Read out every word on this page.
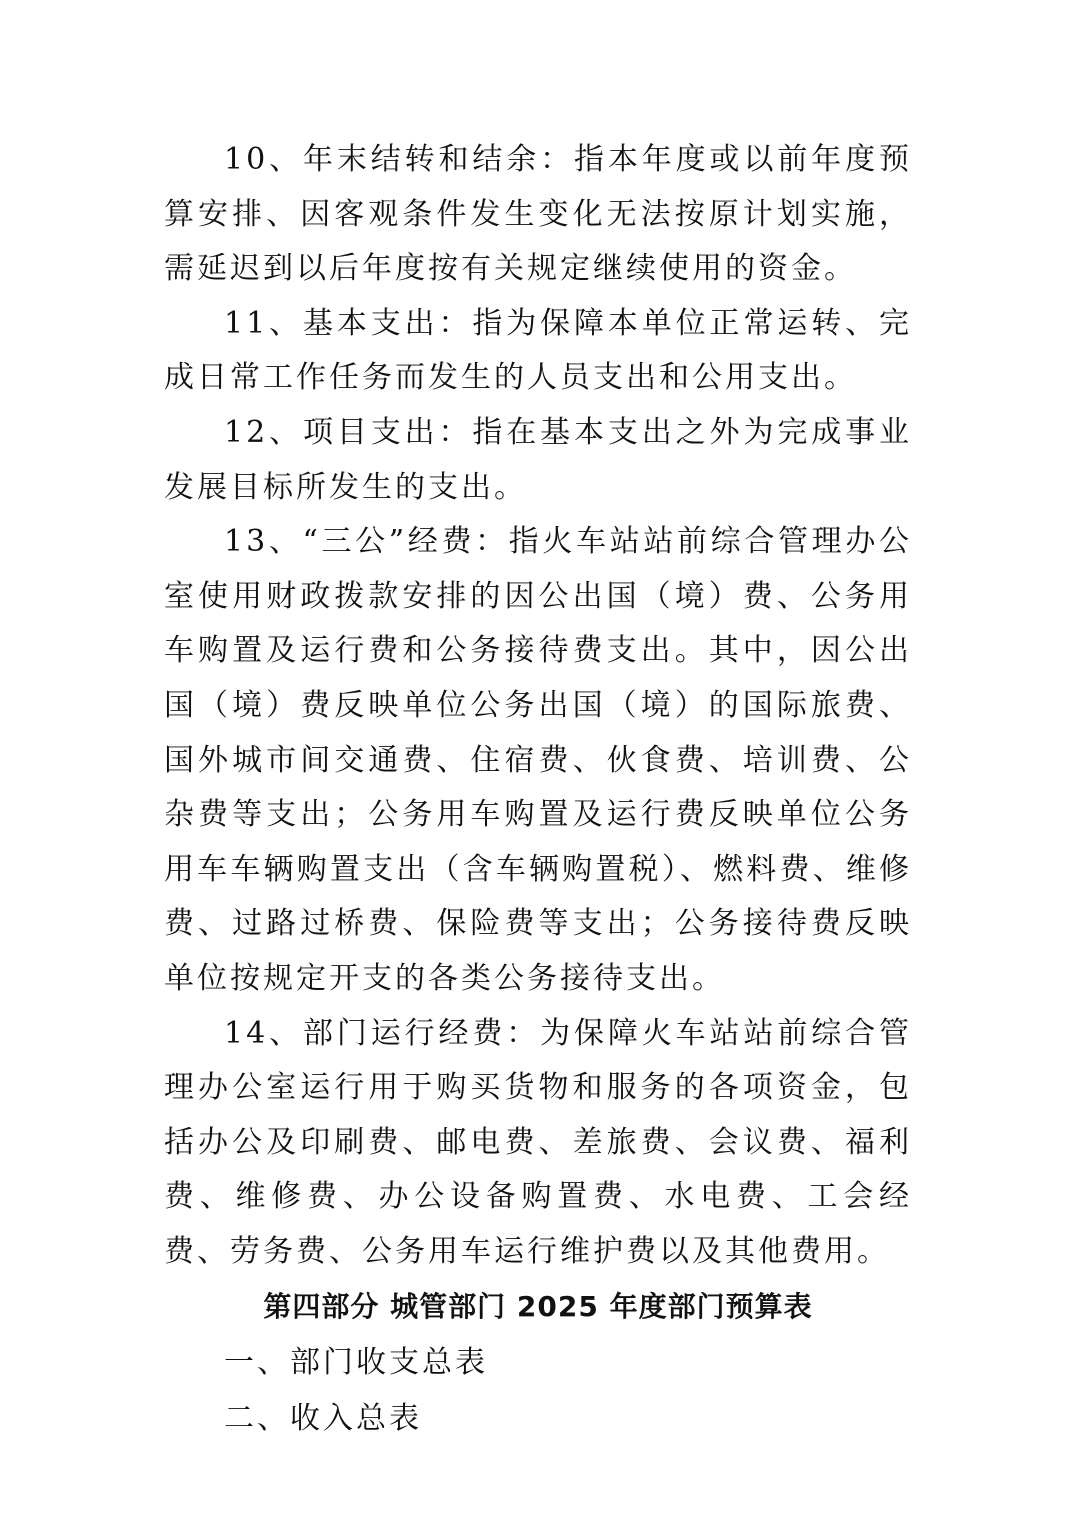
10、年末结转和结余：指本年度或以前年度预算安排、因客观条件发生变化无法按原计划实施，需延迟到以后年度按有关规定继续使用的资金。

11、基本支出：指为保障本单位正常运转、完成日常工作任务而发生的人员支出和公用支出。

12、项目支出：指在基本支出之外为完成事业发展目标所发生的支出。

13、“三公”经费：指火车站站前综合管理办公室使用财政拨款安排的因公出国（境）费、公务用车购置及运行费和公务接待费支出。其中，因公出国（境）费反映单位公务出国（境）的国际旅费、国外城市间交通费、住宿费、伙食费、培训费、公杂费等支出；公务用车购置及运行费反映单位公务用车车辆购置支出（含车辆购置税）、燃料费、维修费、过路过桥费、保险费等支出；公务接待费反映单位按规定开支的各类公务接待支出。

14、部门运行经费：为保障火车站站前综合管理办公室运行用于购买货物和服务的各项资金，包括办公及印刷费、邮电费、差旅费、会议费、福利费、维修费、办公设备购置费、水电费、工会经费、劳务费、公务用车运行维护费以及其他费用。

第四部分 城管部门 2025 年度部门预算表

一、部门收支总表

二、收入总表
